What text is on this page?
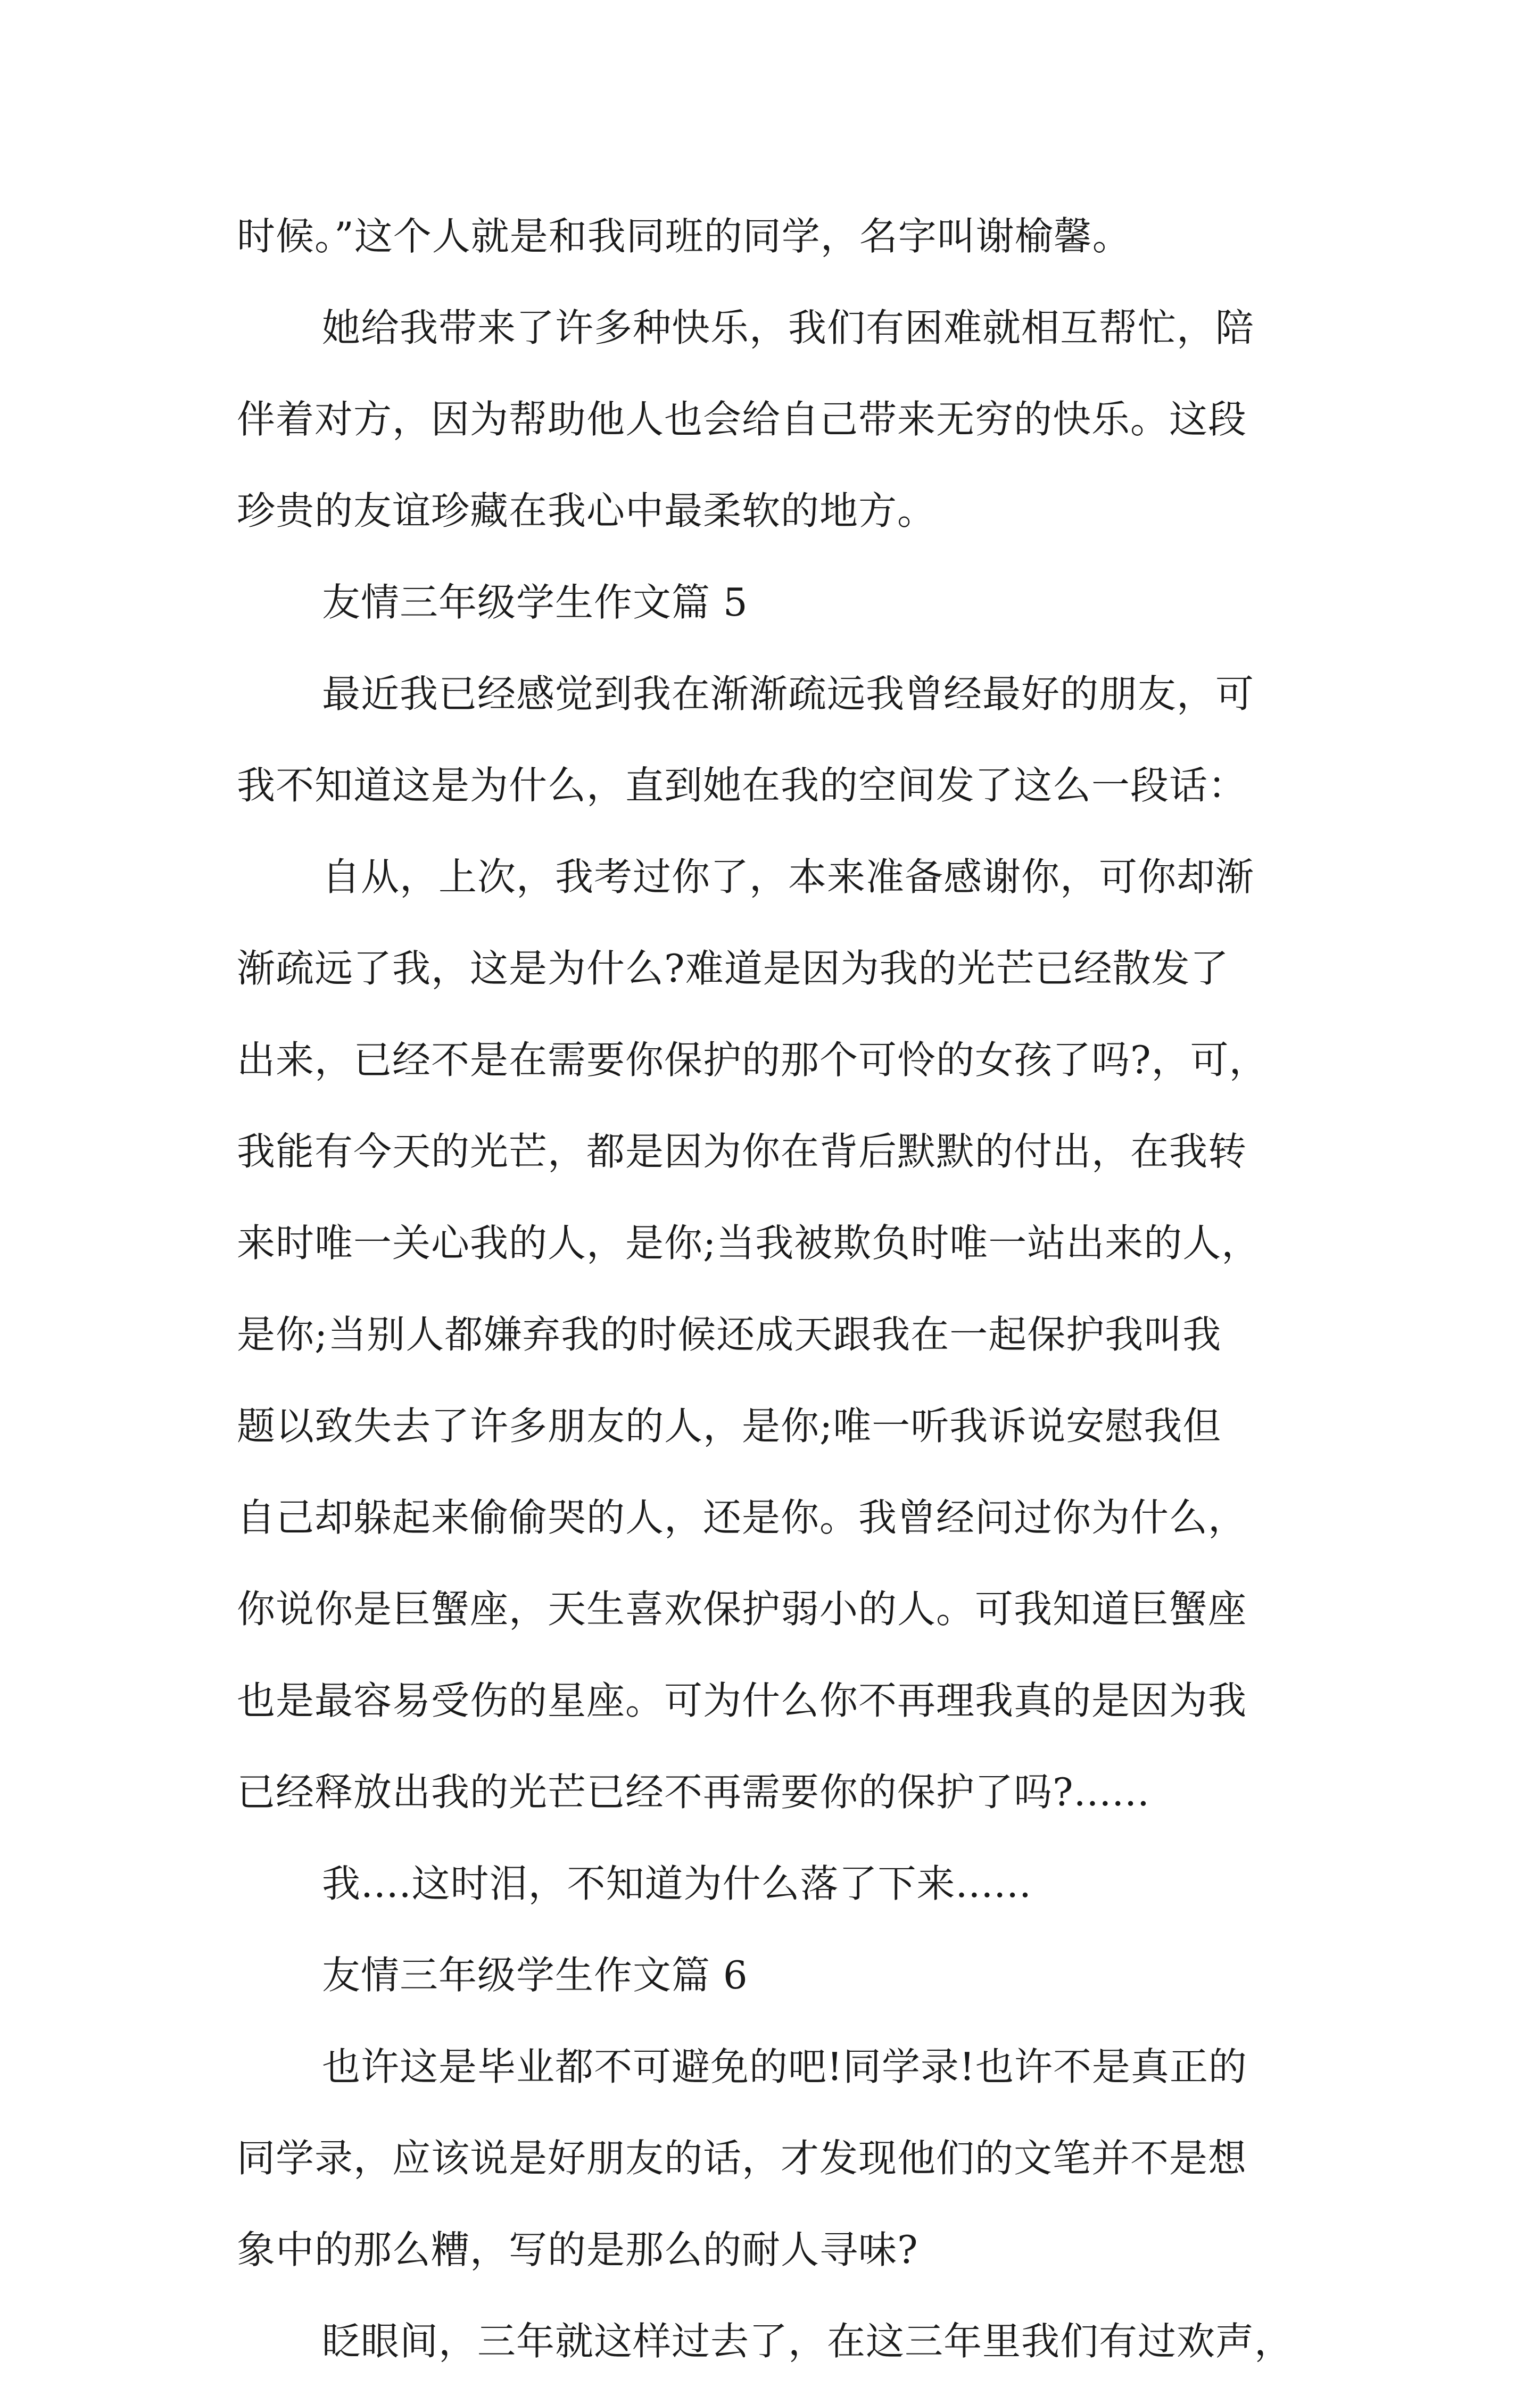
时候。”这个人就是和我同班的同学，名字叫谢榆馨。
她给我带来了许多种快乐，我们有困难就相互帮忙，陪
伴着对方，因为帮助他人也会给自己带来无穷的快乐。这段
珍贵的友谊珍藏在我心中最柔软的地方。
友情三年级学生作文篇 5
最近我已经感觉到我在渐渐疏远我曾经最好的朋友，可
我不知道这是为什么，直到她在我的空间发了这么一段话：
自从，上次，我考过你了，本来准备感谢你，可你却渐
渐疏远了我，这是为什么?难道是因为我的光芒已经散发了
出来，已经不是在需要你保护的那个可怜的女孩了吗?，可，
我能有今天的光芒，都是因为你在背后默默的付出，在我转
来时唯一关心我的人，是你;当我被欺负时唯一站出来的人，
是你;当别人都嫌弃我的时候还成天跟我在一起保护我叫我
题以致失去了许多朋友的人，是你;唯一听我诉说安慰我但
自己却躲起来偷偷哭的人，还是你。我曾经问过你为什么，
你说你是巨蟹座，天生喜欢保护弱小的人。可我知道巨蟹座
也是最容易受伤的星座。可为什么你不再理我真的是因为我
已经释放出我的光芒已经不再需要你的保护了吗?......
我....这时泪，不知道为什么落了下来......
友情三年级学生作文篇 6
也许这是毕业都不可避免的吧!同学录!也许不是真正的
同学录，应该说是好朋友的话，才发现他们的文笔并不是想
象中的那么糟，写的是那么的耐人寻味?
眨眼间，三年就这样过去了，在这三年里我们有过欢声，
